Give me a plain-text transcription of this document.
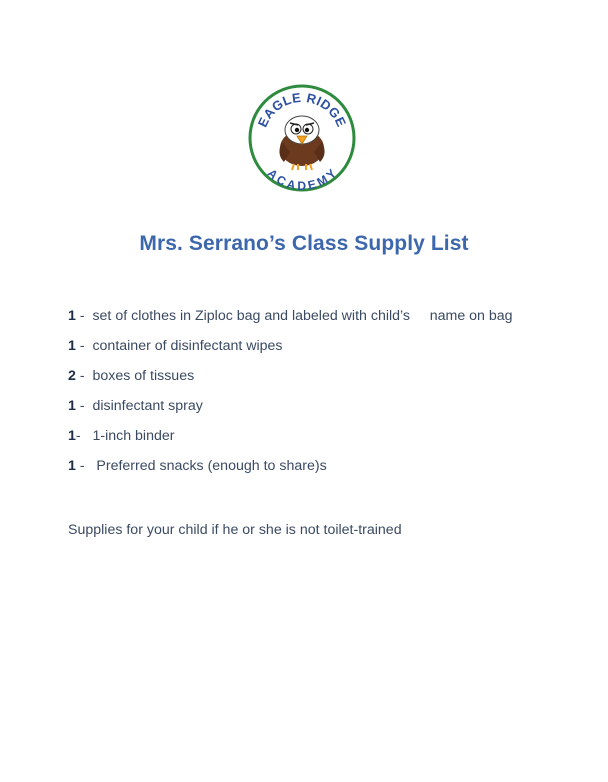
EAGLE RIDGE
ACADEMY
Mrs. Serrano’s Class Supply List
1 -  set of clothes in Ziploc bag and labeled with child’s     name on bag
1 -  container of disinfectant wipes
2 -  boxes of tissues
1 -  disinfectant spray
1-   1-inch binder
1 -   Preferred snacks (enough to share)s
Supplies for your child if he or she is not toilet-trained
